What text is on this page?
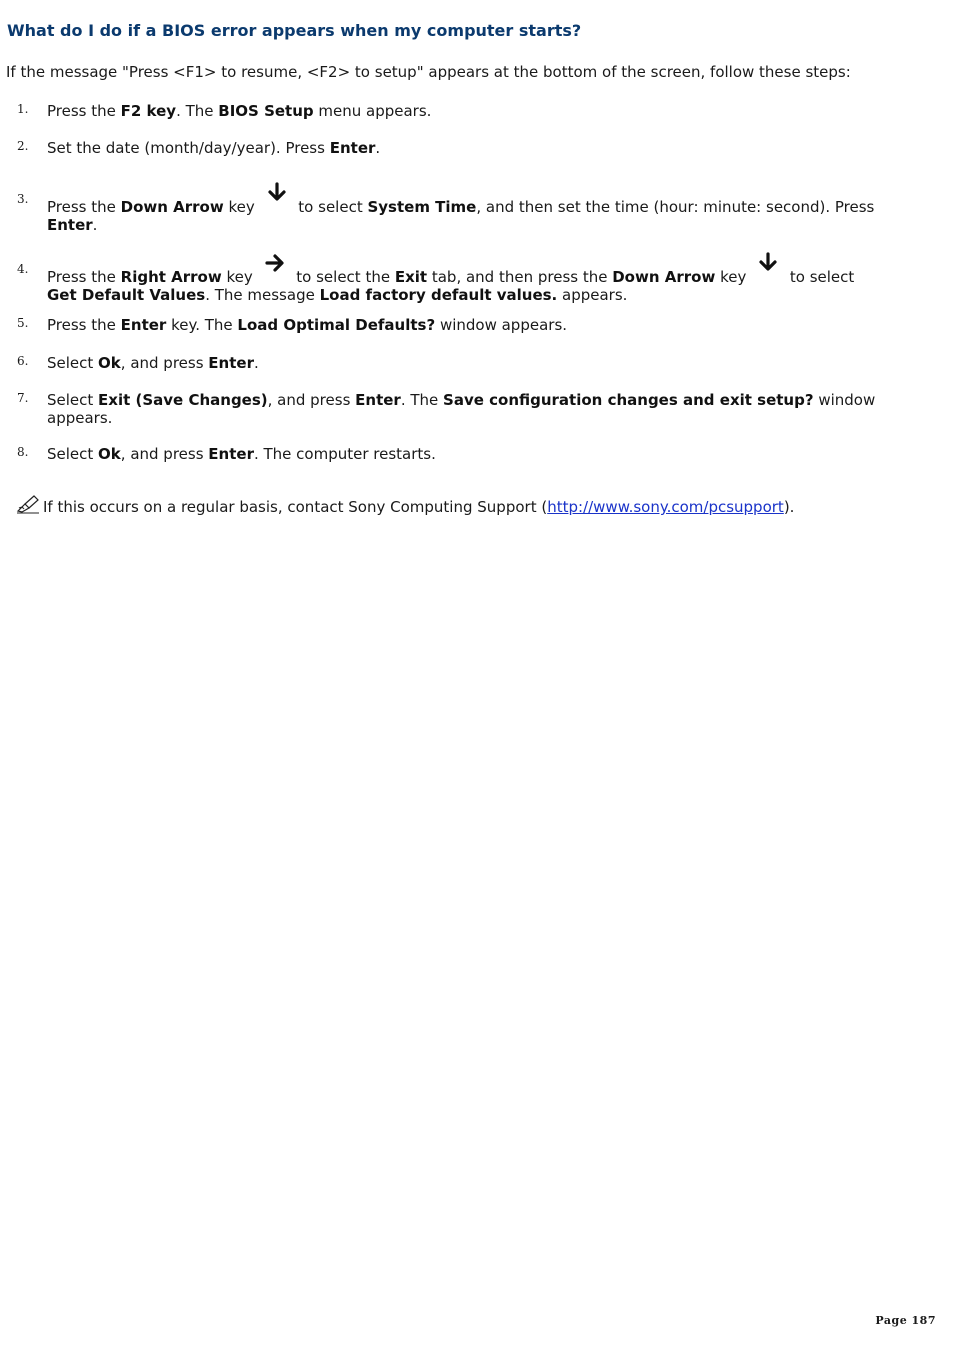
What do I do if a BIOS error appears when my computer starts?

If the message "Press <F1> to resume, <F2> to setup" appears at the bottom of the screen, follow these steps:

1. Press the F2 key. The BIOS Setup menu appears.
2. Set the date (month/day/year). Press Enter.
3. Press the Down Arrow key
to select System Time, and then set the time (hour: minute: second). Press Enter.
4. Press the Right Arrow key
to select the Exit tab, and then press the Down Arrow key
to select Get Default Values. The message Load factory default values. appears.
5. Press the Enter key. The Load Optimal Defaults? window appears.
6. Select Ok, and press Enter.
7. Select Exit (Save Changes), and press Enter. The Save configuration changes and exit setup? window appears.
8. Select Ok, and press Enter. The computer restarts.
If this occurs on a regular basis, contact Sony Computing Support (http://www.sony.com/pcsupport).
Page 187
